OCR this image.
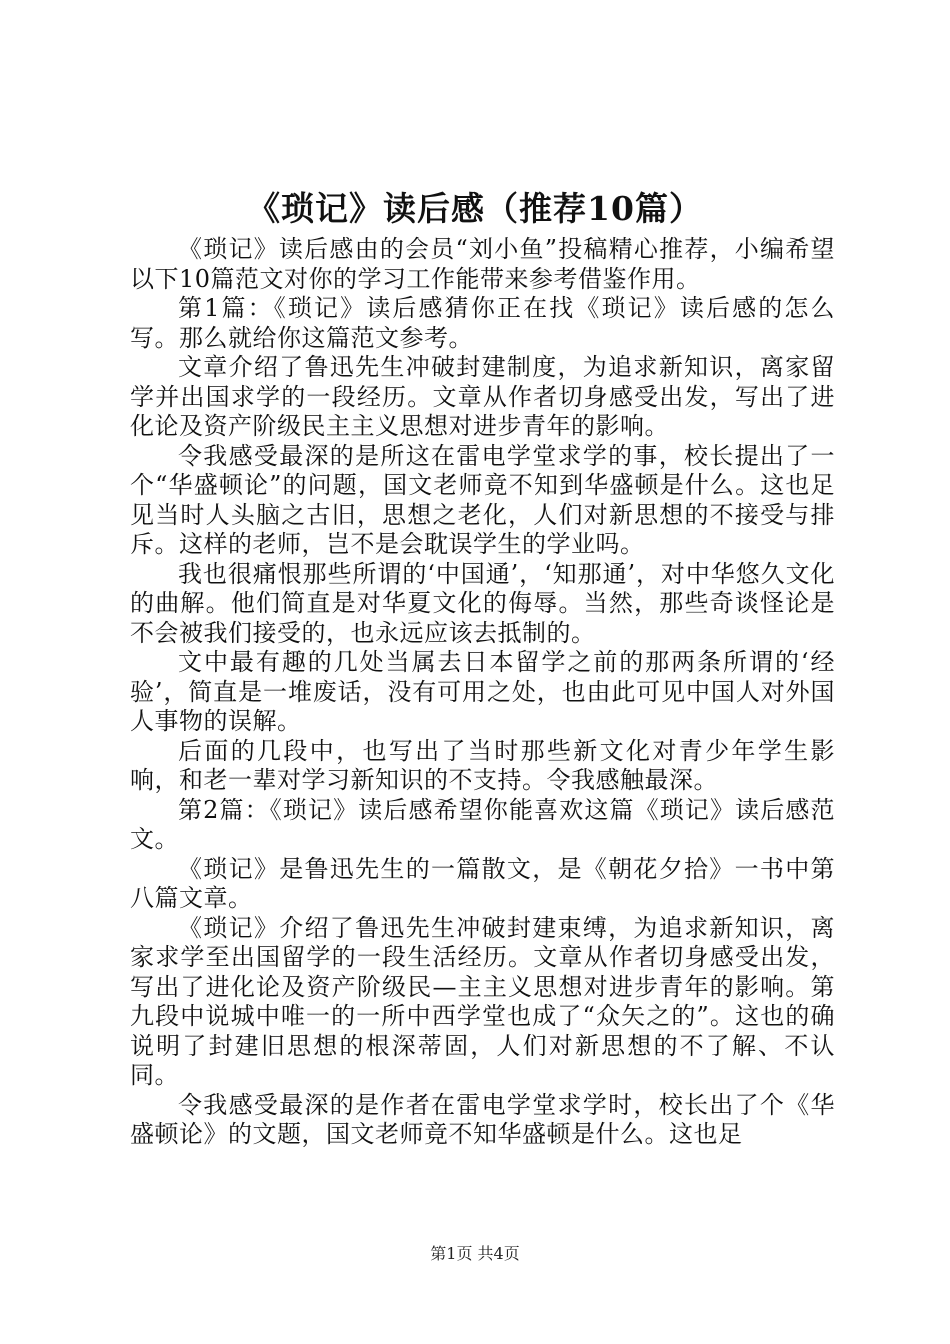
《琐记》读后感（推荐10篇）

《琐记》读后感由的会员“刘小鱼”投稿精心推荐，小编希望以下10篇范文对你的学习工作能带来参考借鉴作用。

第1篇：《琐记》读后感猜你正在找《琐记》读后感的怎么写。那么就给你这篇范文参考。

文章介绍了鲁迅先生冲破封建制度，为追求新知识，离家留学并出国求学的一段经历。文章从作者切身感受出发，写出了进化论及资产阶级民主主义思想对进步青年的影响。

令我感受最深的是所这在雷电学堂求学的事，校长提出了一个“华盛顿论”的问题，国文老师竟不知到华盛顿是什么。这也足见当时人头脑之古旧，思想之老化，人们对新思想的不接受与排斥。这样的老师，岂不是会耽误学生的学业吗。

我也很痛恨那些所谓的‘中国通’，‘知那通’，对中华悠久文化的曲解。他们简直是对华夏文化的侮辱。当然，那些奇谈怪论是不会被我们接受的，也永远应该去抵制的。

文中最有趣的几处当属去日本留学之前的那两条所谓的‘经验’，简直是一堆废话，没有可用之处，也由此可见中国人对外国人事物的误解。

后面的几段中，也写出了当时那些新文化对青少年学生影响，和老一辈对学习新知识的不支持。令我感触最深。

第2篇：《琐记》读后感希望你能喜欢这篇《琐记》读后感范文。

《琐记》是鲁迅先生的一篇散文，是《朝花夕拾》一书中第八篇文章。

《琐记》介绍了鲁迅先生冲破封建束缚，为追求新知识，离家求学至出国留学的一段生活经历。文章从作者切身感受出发，写出了进化论及资产阶级民—主主义思想对进步青年的影响。第九段中说城中唯一的一所中西学堂也成了“众矢之的”。这也的确说明了封建旧思想的根深蒂固，人们对新思想的不了解、不认同。

令我感受最深的是作者在雷电学堂求学时，校长出了个《华盛顿论》的文题，国文老师竟不知华盛顿是什么。这也足

第1页 共4页
